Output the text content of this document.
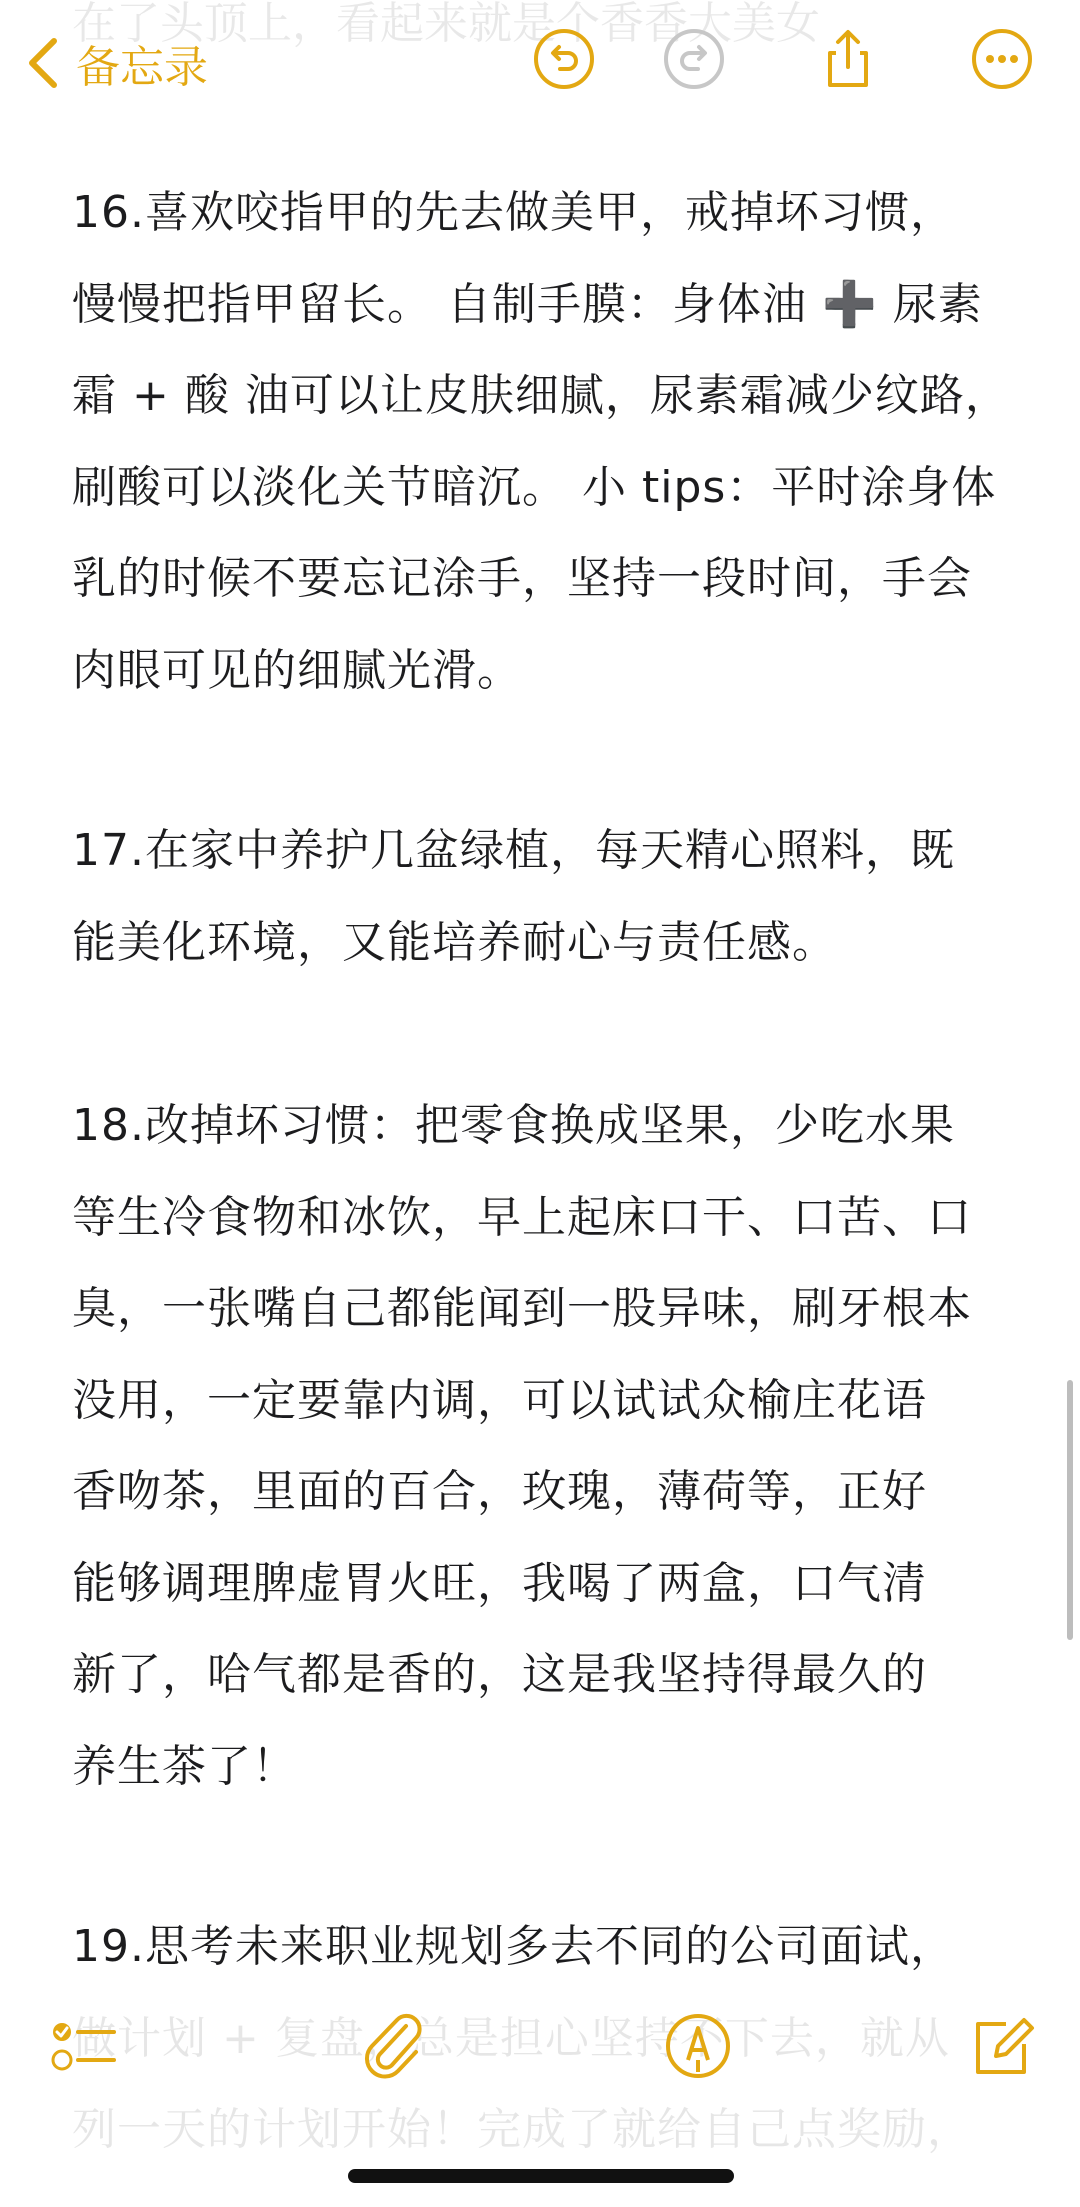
在了头顶上，看起来就是个香香大美女
备忘录
16.喜欢咬指甲的先去做美甲，戒掉坏习惯，
慢慢把指甲留长。 自制手膜：身体油 ➕ 尿素
霜 + 酸 油可以让皮肤细腻，尿素霜减少纹路，
刷酸可以淡化关节暗沉。 小 tips：平时涂身体
乳的时候不要忘记涂手，坚持一段时间，手会
肉眼可见的细腻光滑。
17.在家中养护几盆绿植，每天精心照料，既
能美化环境，又能培养耐心与责任感。
18.改掉坏习惯：把零食换成坚果，少吃水果
等生冷食物和冰饮，早上起床口干、口苦、口
臭，一张嘴自己都能闻到一股异味，刷牙根本
没用，一定要靠内调，可以试试众榆庄花语
香吻茶，里面的百合，玫瑰，薄荷等，正好
能够调理脾虚胃火旺，我喝了两盒，口气清
新了，哈气都是香的，这是我坚持得最久的
养生茶了！
19.思考未来职业规划多去不同的公司面试，
做计划 + 复盘，总是担心坚持不下去，就从
列一天的计划开始！完成了就给自己点奖励，
